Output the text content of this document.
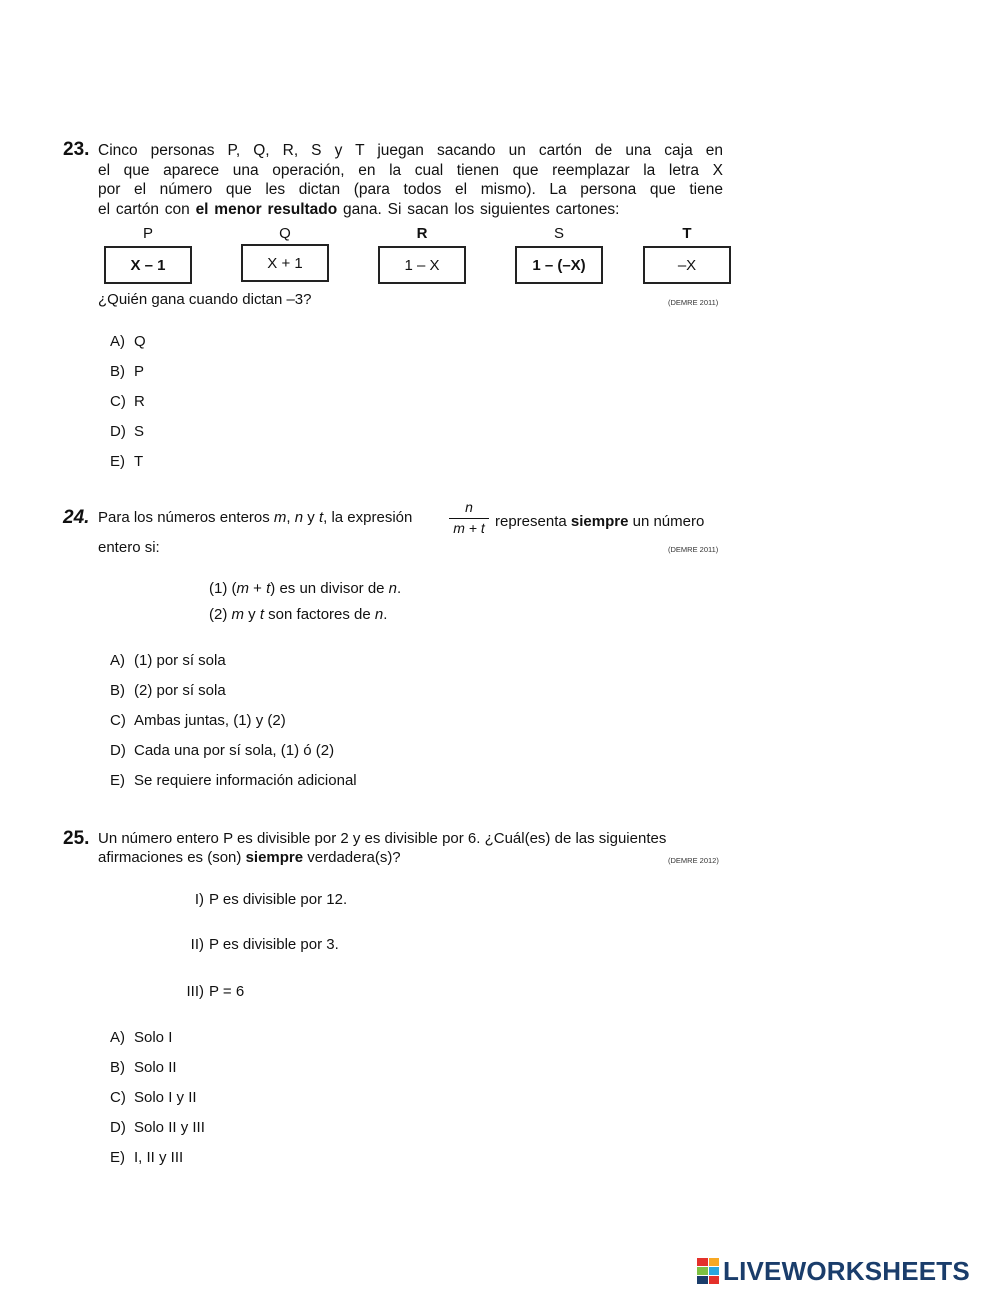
23. Cinco personas P, Q, R, S y T juegan sacando un cartón de una caja en
el que aparece una operación, en la cual tienen que reemplazar la letra X
por el número que les dictan (para todos el mismo). La persona que tiene
el cartón con el menor resultado gana. Si sacan los siguientes cartones:
P
X – 1
Q
X + 1
R
1 – X
S
1 – (–X)
T
–X
¿Quién gana cuando dictan –3?	(DEMRE 2011)
A) Q
B) P
C) R
D) S
E) T
24. Para los números enteros m, n y t, la expresión
n
m + t representa siempre un número
entero si:	(DEMRE 2011)
(1) (m + t) es un divisor de n.
(2) m y t son factores de n.
A) (1) por sí sola
B) (2) por sí sola
C) Ambas juntas, (1) y (2)
D) Cada una por sí sola, (1) ó (2)
E) Se requiere información adicional
25. Un número entero P es divisible por 2 y es divisible por 6. ¿Cuál(es) de las siguientes
afirmaciones es (son) siempre verdadera(s)?	(DEMRE 2012)
I) P es divisible por 12.
II) P es divisible por 3.
III) P = 6
A) Solo I
B) Solo II
C) Solo I y II
D) Solo II y III
E) I, II y III
LIVEWORKSHEETS
